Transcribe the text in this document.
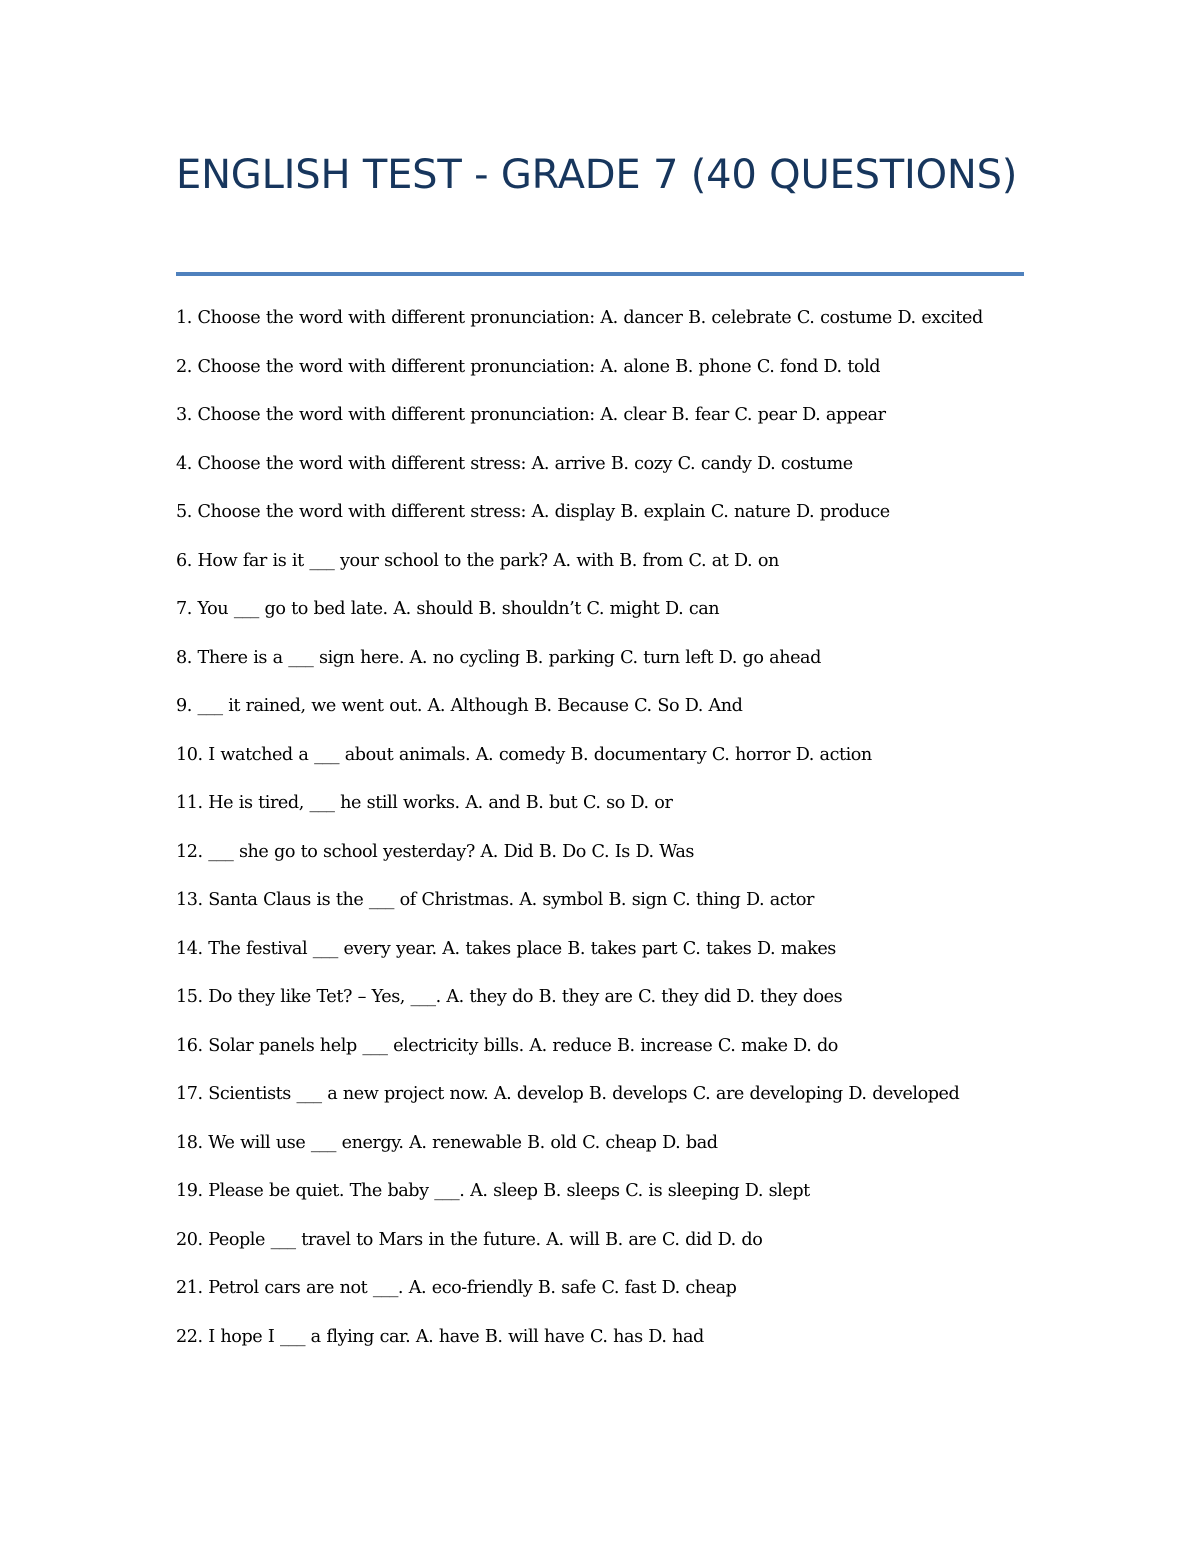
ENGLISH TEST - GRADE 7 (40 QUESTIONS)
1. Choose the word with different pronunciation: A. dancer B. celebrate C. costume D. excited
2. Choose the word with different pronunciation: A. alone B. phone C. fond D. told
3. Choose the word with different pronunciation: A. clear B. fear C. pear D. appear
4. Choose the word with different stress: A. arrive B. cozy C. candy D. costume
5. Choose the word with different stress: A. display B. explain C. nature D. produce
6. How far is it ___ your school to the park? A. with B. from C. at D. on
7. You ___ go to bed late. A. should B. shouldn’t C. might D. can
8. There is a ___ sign here. A. no cycling B. parking C. turn left D. go ahead
9. ___ it rained, we went out. A. Although B. Because C. So D. And
10. I watched a ___ about animals. A. comedy B. documentary C. horror D. action
11. He is tired, ___ he still works. A. and B. but C. so D. or
12. ___ she go to school yesterday? A. Did B. Do C. Is D. Was
13. Santa Claus is the ___ of Christmas. A. symbol B. sign C. thing D. actor
14. The festival ___ every year. A. takes place B. takes part C. takes D. makes
15. Do they like Tet? – Yes, ___. A. they do B. they are C. they did D. they does
16. Solar panels help ___ electricity bills. A. reduce B. increase C. make D. do
17. Scientists ___ a new project now. A. develop B. develops C. are developing D. developed
18. We will use ___ energy. A. renewable B. old C. cheap D. bad
19. Please be quiet. The baby ___. A. sleep B. sleeps C. is sleeping D. slept
20. People ___ travel to Mars in the future. A. will B. are C. did D. do
21. Petrol cars are not ___. A. eco-friendly B. safe C. fast D. cheap
22. I hope I ___ a flying car. A. have B. will have C. has D. had
